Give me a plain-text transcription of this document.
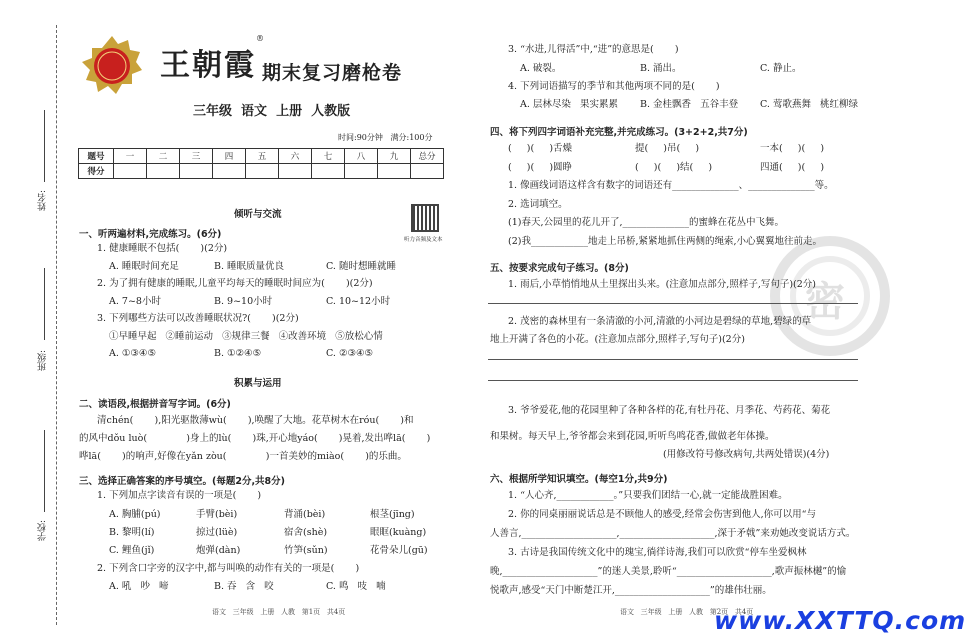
姓名:
班级:
学校:
王朝霞
®
期末复习磨枪卷
三年级  语文  上册  人教版
时间:90分钟   满分:100分
题号	一	二	三	四	五	六	七	八	九	总分
得分										
听力音频及文本
倾听与交流
一、听两遍材料,完成练习。(6分)
1. 健康睡眠不包括(       )(2分)
A. 睡眠时间充足	B. 睡眠质量优良	C. 随时想睡就睡
2. 为了拥有健康的睡眠,儿童平均每天的睡眠时间应为(       )(2分)
A. 7~8小时	B. 9~10小时	C. 10~12小时
3. 下列哪些方法可以改善睡眠状况?(       )(2分)
①早睡早起   ②睡前运动   ③规律三餐   ④改善环境   ⑤放松心情
A. ①③④⑤	B. ①②④⑤	C. ②③④⑤
积累与运用
二、读语段,根据拼音写字词。(6分)
清chén(       ),阳光驱散薄wù(       ),唤醒了大地。花草树木在róu(       )和
的风中dǒu luò(             )身上的lù(       )珠,开心地yáo(       )晃着,发出哗lā(       )
哗lā(       )的响声,好像在yǎn zòu(             )一首美妙的miào(       )的乐曲。
三、选择正确答案的序号填空。(每题2分,共8分)
1. 下列加点字读音有误的一项是(       )
A. 胸脯(pú)	手臂(bèi)	背涌(bèi)	根茎(jīng)
B. 黎明(lí)	掠过(lüè)	宿舍(shè)	眼眶(kuàng)
C. 鲤鱼(jǐ)	炮弹(dàn)	竹笋(sǔn)	花骨朵儿(gū)
2. 下列含口字旁的汉字中,都与叫唤的动作有关的一项是(       )
A. 吼   吵   啼	B. 吞   含   咬	C. 鸣   吱   喃
语文   三年级   上册   人教   第1页   共4页
密
3. “水进,儿得活”中,“进”的意思是(       )
A. 破裂。	B. 涌出。	C. 静止。
4. 下列词语描写的季节和其他两项不同的是(       )
A. 层林尽染   果实累累 B. 金桂飘香   五谷丰登 C. 莺歌燕舞   桃红柳绿
四、将下列四字词语补充完整,并完成练习。(3+2+2,共7分)
(     )(     )舌燥	提(     )吊(     )	一本(     )(     )
(     )(     )圆睁	(     )(     )结(     )	四通(     )(     )
1. 像画线词语这样含有数字的词语还有______________、______________等。
2. 选词填空。
(1)春天,公园里的花儿开了,______________的蜜蜂在花丛中飞舞。
(2)我____________地走上吊桥,紧紧地抓住两侧的绳索,小心翼翼地往前走。
五、按要求完成句子练习。(8分)
1. 雨后,小草悄悄地从土里探出头来。(注意加点部分,照样子,写句子)(2分)
2. 茂密的森林里有一条清澈的小河,清澈的小河边是碧绿的草地,碧绿的草
地上开满了各色的小花。(注意加点部分,照样子,写句子)(2分)
3. 爷爷爱花,他的花园里种了各种各样的花,有牡丹花、月季花、芍药花、菊花
和果树。每天早上,爷爷都会来到花园,听听鸟鸣花香,做做老年体操。
(用修改符号修改病句,共两处错误)(4分)
六、根据所学知识填空。(每空1分,共9分)
1. “人心齐,____________。”只要我们团结一心,就一定能战胜困难。
2. 你的同桌丽丽说话总是不顾他人的感受,经常会伤害到他人,你可以用“与
人善言,____________________,____________________,深于矛戟”来劝她改变说话方式。
3. 古诗是我国传统文化中的瑰宝,徜徉诗海,我们可以欣赏“停车坐爱枫林
晚,____________________”的迷人美景,聆听“____________________,歌声振林樾”的愉
悦歌声,感受“天门中断楚江开,____________________”的雄伟壮丽。
语文   三年级   上册   人教   第2页   共4页
www.XXTTQ.com
